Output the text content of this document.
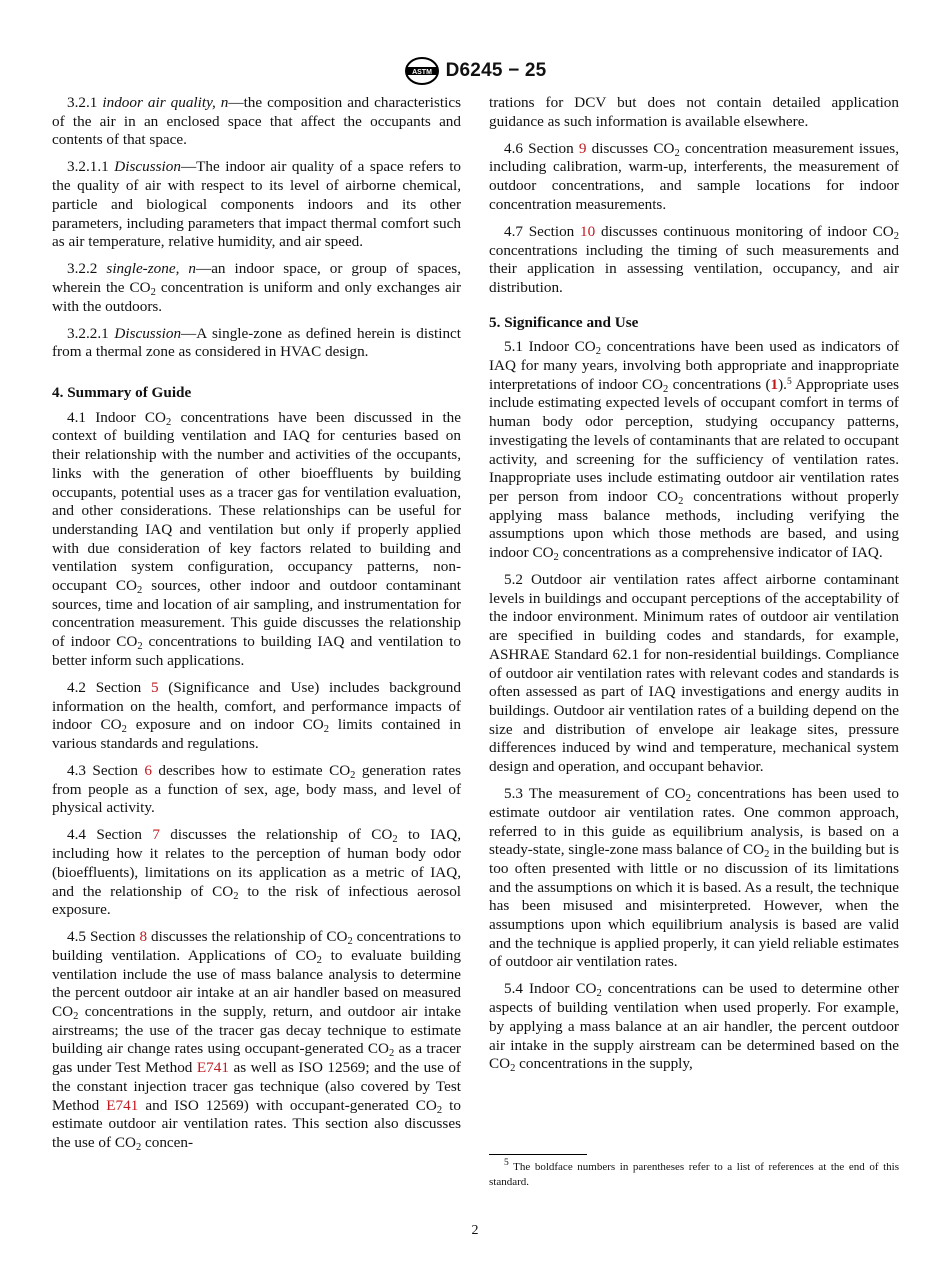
ASTM D6245 − 25

3.2.1 indoor air quality, n—the composition and characteristics of the air in an enclosed space that affect the occupants and contents of that space.

3.2.1.1 Discussion—The indoor air quality of a space refers to the quality of air with respect to its level of airborne chemical, particle and biological components indoors and its other parameters, including parameters that impact thermal comfort such as air temperature, relative humidity, and air speed.

3.2.2 single-zone, n—an indoor space, or group of spaces, wherein the $CO_2$ concentration is uniform and only exchanges air with the outdoors.

3.2.2.1 Discussion—A single-zone as defined herein is distinct from a thermal zone as considered in HVAC design.

4. Summary of Guide

4.1 Indoor $CO_2$ concentrations have been discussed in the context of building ventilation and IAQ for centuries based on their relationship with the number and activities of the occupants, links with the generation of other bioeffluents by building occupants, potential uses as a tracer gas for ventilation evaluation, and other considerations. These relationships can be useful for understanding IAQ and ventilation but only if properly applied with due consideration of key factors related to building and ventilation system configuration, occupancy patterns, non-occupant $CO_2$ sources, other indoor and outdoor contaminant sources, time and location of air sampling, and instrumentation for concentration measurement. This guide discusses the relationship of indoor $CO_2$ concentrations to building IAQ and ventilation to better inform such applications.

4.2 Section 5 (Significance and Use) includes background information on the health, comfort, and performance impacts of indoor $CO_2$ exposure and on indoor $CO_2$ limits contained in various standards and regulations.

4.3 Section 6 describes how to estimate $CO_2$ generation rates from people as a function of sex, age, body mass, and level of physical activity.

4.4 Section 7 discusses the relationship of $CO_2$ to IAQ, including how it relates to the perception of human body odor (bioeffluents), limitations on its application as a metric of IAQ, and the relationship of $CO_2$ to the risk of infectious aerosol exposure.

4.5 Section 8 discusses the relationship of $CO_2$ concentrations to building ventilation. Applications of $CO_2$ to evaluate building ventilation include the use of mass balance analysis to determine the percent outdoor air intake at an air handler based on measured $CO_2$ concentrations in the supply, return, and outdoor air intake airstreams; the use of the tracer gas decay technique to estimate building air change rates using occupant-generated $CO_2$ as a tracer gas under Test Method E741 as well as ISO 12569; and the use of the constant injection tracer gas technique (also covered by Test Method E741 and ISO 12569) with occupant-generated $CO_2$ to estimate outdoor air ventilation rates. This section also discusses the use of $CO_2$ concen-

trations for DCV but does not contain detailed application guidance as such information is available elsewhere.

4.6 Section 9 discusses $CO_2$ concentration measurement issues, including calibration, warm-up, interferents, the measurement of outdoor concentrations, and sample locations for indoor concentration measurements.

4.7 Section 10 discusses continuous monitoring of indoor $CO_2$ concentrations including the timing of such measurements and their application in assessing ventilation, occupancy, and air distribution.

5. Significance and Use

5.1 Indoor $CO_2$ concentrations have been used as indicators of IAQ for many years, involving both appropriate and inappropriate interpretations of indoor $CO_2$ concentrations (1).$^5$ Appropriate uses include estimating expected levels of occupant comfort in terms of human body odor perception, studying occupancy patterns, investigating the levels of contaminants that are related to occupant activity, and screening for the sufficiency of ventilation rates. Inappropriate uses include estimating outdoor air ventilation rates per person from indoor $CO_2$ concentrations without properly applying mass balance methods, including verifying the assumptions upon which those methods are based, and using indoor $CO_2$ concentrations as a comprehensive indicator of IAQ.

5.2 Outdoor air ventilation rates affect airborne contaminant levels in buildings and occupant perceptions of the acceptability of the indoor environment. Minimum rates of outdoor air ventilation are specified in building codes and standards, for example, ASHRAE Standard 62.1 for non-residential buildings. Compliance of outdoor air ventilation rates with relevant codes and standards is often assessed as part of IAQ investigations and energy audits in buildings. Outdoor air ventilation rates of a building depend on the size and distribution of envelope air leakage sites, pressure differences induced by wind and temperature, mechanical system design and operation, and occupant behavior.

5.3 The measurement of $CO_2$ concentrations has been used to estimate outdoor air ventilation rates. One common approach, referred to in this guide as equilibrium analysis, is based on a steady-state, single-zone mass balance of $CO_2$ in the building but is too often presented with little or no discussion of its limitations and the assumptions on which it is based. As a result, the technique has been misused and misinterpreted. However, when the assumptions upon which equilibrium analysis is based are valid and the technique is applied properly, it can yield reliable estimates of outdoor air ventilation rates.

5.4 Indoor $CO_2$ concentrations can be used to determine other aspects of building ventilation when used properly. For example, by applying a mass balance at an air handler, the percent outdoor air intake in the supply airstream can be determined based on the $CO_2$ concentrations in the supply,

$^5$ The boldface numbers in parentheses refer to a list of references at the end of this standard.
2
